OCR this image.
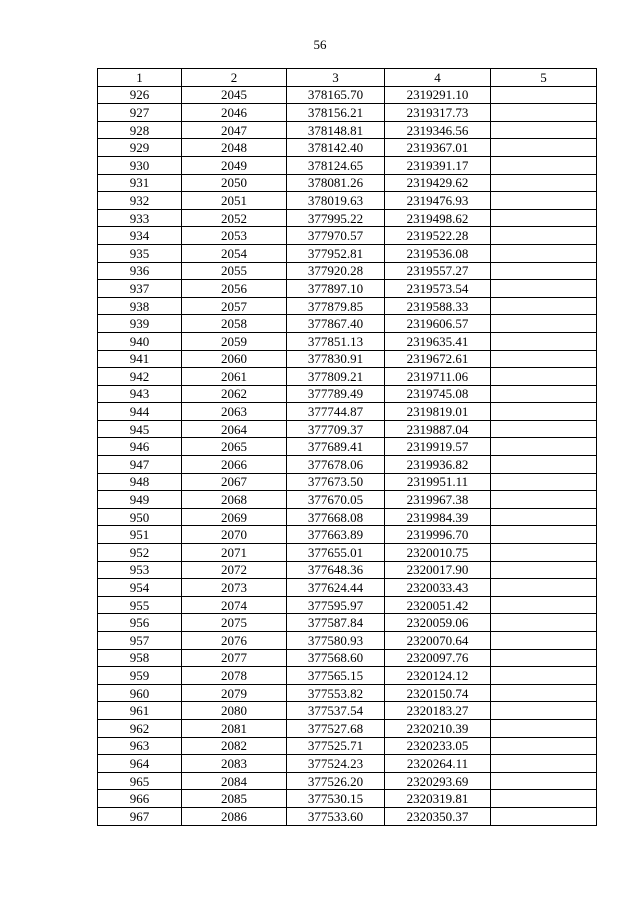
56
1	2	3	4	5
926	2045	378165.70	2319291.10	
927	2046	378156.21	2319317.73	
928	2047	378148.81	2319346.56	
929	2048	378142.40	2319367.01	
930	2049	378124.65	2319391.17	
931	2050	378081.26	2319429.62	
932	2051	378019.63	2319476.93	
933	2052	377995.22	2319498.62	
934	2053	377970.57	2319522.28	
935	2054	377952.81	2319536.08	
936	2055	377920.28	2319557.27	
937	2056	377897.10	2319573.54	
938	2057	377879.85	2319588.33	
939	2058	377867.40	2319606.57	
940	2059	377851.13	2319635.41	
941	2060	377830.91	2319672.61	
942	2061	377809.21	2319711.06	
943	2062	377789.49	2319745.08	
944	2063	377744.87	2319819.01	
945	2064	377709.37	2319887.04	
946	2065	377689.41	2319919.57	
947	2066	377678.06	2319936.82	
948	2067	377673.50	2319951.11	
949	2068	377670.05	2319967.38	
950	2069	377668.08	2319984.39	
951	2070	377663.89	2319996.70	
952	2071	377655.01	2320010.75	
953	2072	377648.36	2320017.90	
954	2073	377624.44	2320033.43	
955	2074	377595.97	2320051.42	
956	2075	377587.84	2320059.06	
957	2076	377580.93	2320070.64	
958	2077	377568.60	2320097.76	
959	2078	377565.15	2320124.12	
960	2079	377553.82	2320150.74	
961	2080	377537.54	2320183.27	
962	2081	377527.68	2320210.39	
963	2082	377525.71	2320233.05	
964	2083	377524.23	2320264.11	
965	2084	377526.20	2320293.69	
966	2085	377530.15	2320319.81	
967	2086	377533.60	2320350.37	
